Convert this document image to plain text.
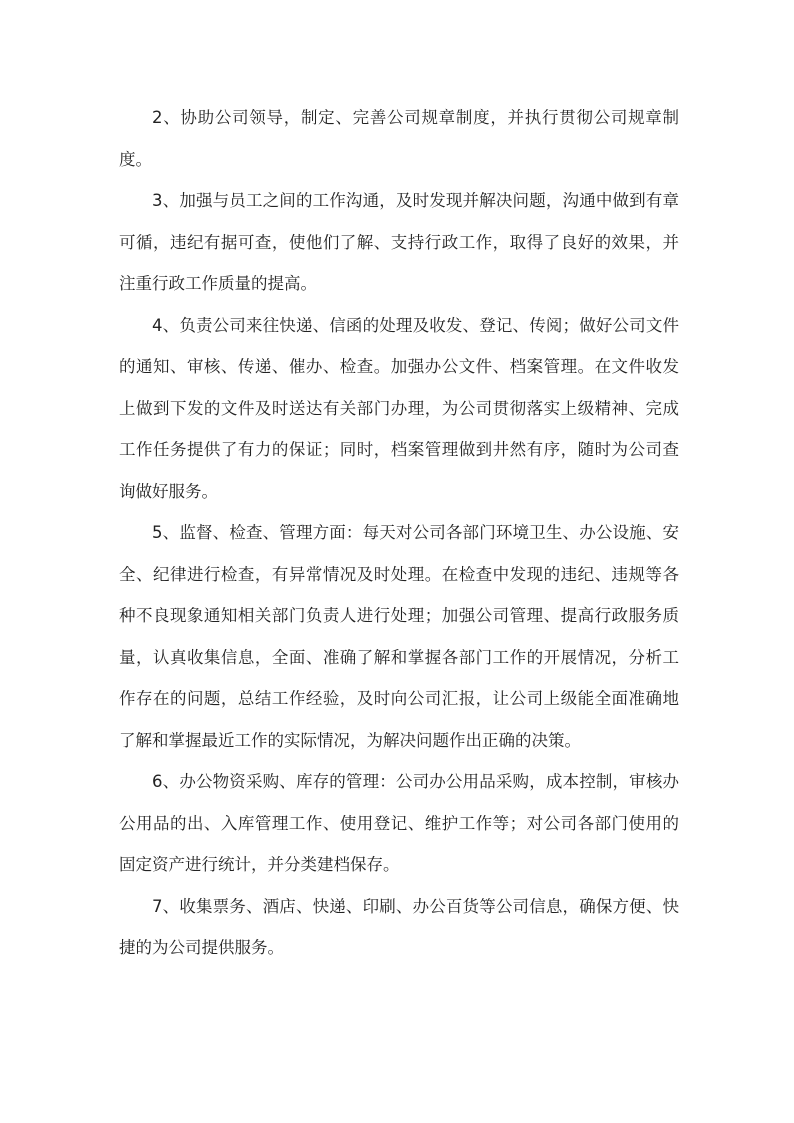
2、协助公司领导，制定、完善公司规章制度，并执行贯彻公司规章制度。

3、加强与员工之间的工作沟通，及时发现并解决问题，沟通中做到有章可循，违纪有据可查，使他们了解、支持行政工作，取得了良好的效果，并注重行政工作质量的提高。

4、负责公司来往快递、信函的处理及收发、登记、传阅；做好公司文件的通知、审核、传递、催办、检查。加强办公文件、档案管理。在文件收发上做到下发的文件及时送达有关部门办理，为公司贯彻落实上级精神、完成工作任务提供了有力的保证；同时，档案管理做到井然有序，随时为公司查询做好服务。

5、监督、检查、管理方面：每天对公司各部门环境卫生、办公设施、安全、纪律进行检查，有异常情况及时处理。在检查中发现的违纪、违规等各种不良现象通知相关部门负责人进行处理；加强公司管理、提高行政服务质量，认真收集信息，全面、准确了解和掌握各部门工作的开展情况，分析工作存在的问题，总结工作经验，及时向公司汇报，让公司上级能全面准确地了解和掌握最近工作的实际情况，为解决问题作出正确的决策。

6、办公物资采购、库存的管理：公司办公用品采购，成本控制，审核办公用品的出、入库管理工作、使用登记、维护工作等；对公司各部门使用的固定资产进行统计，并分类建档保存。

7、收集票务、酒店、快递、印刷、办公百货等公司信息，确保方便、快捷的为公司提供服务。
